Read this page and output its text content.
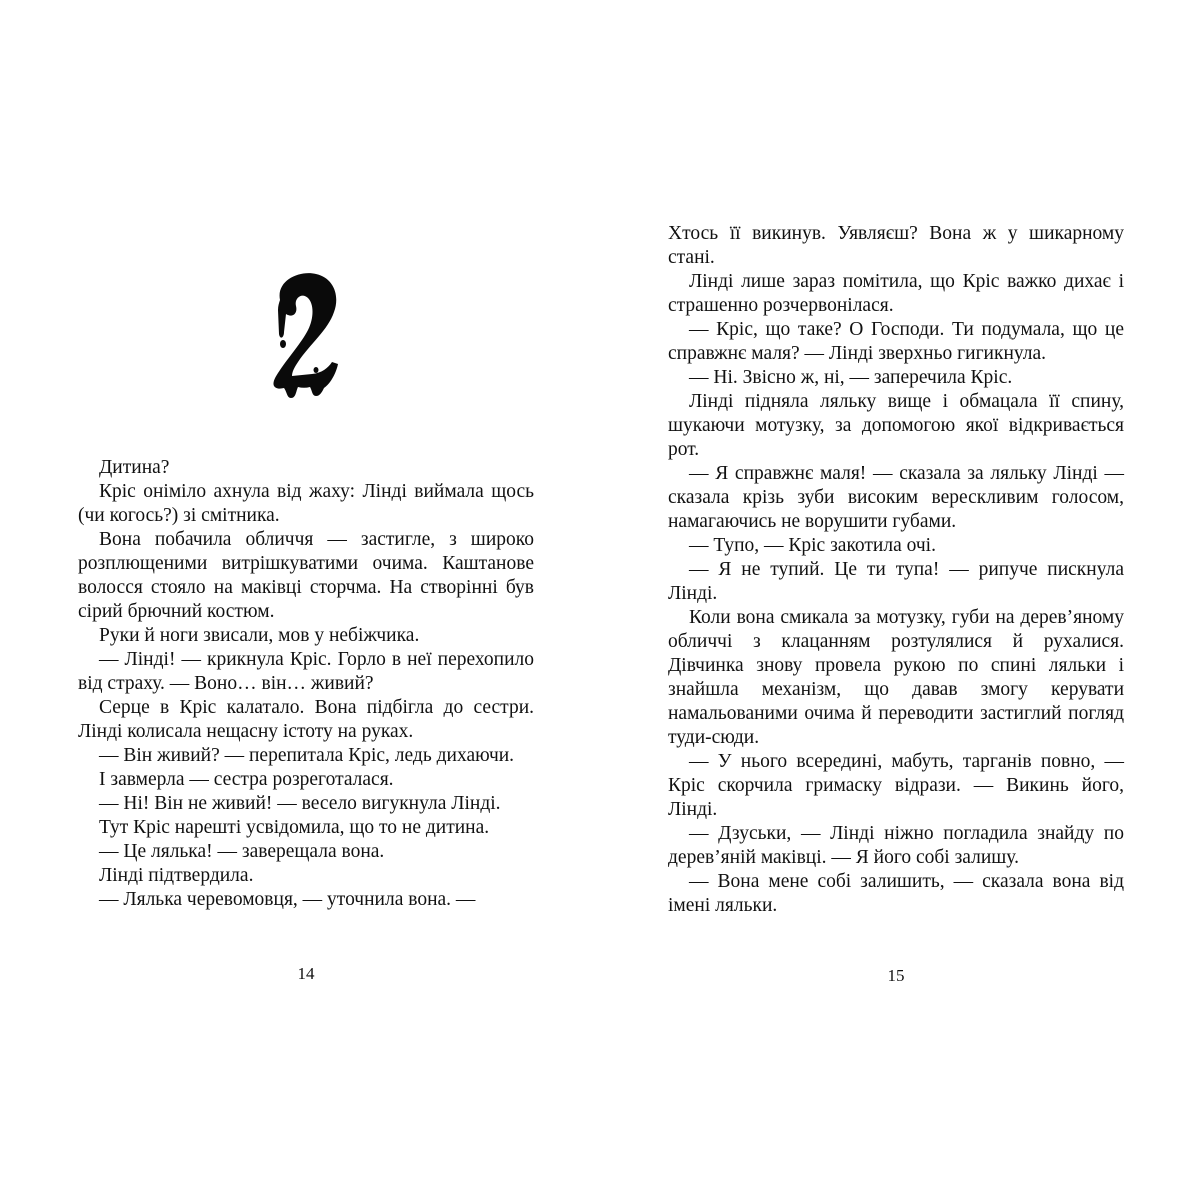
Дитина?

Кріс оніміло ахнула від жаху: Лінді виймала щось (чи когось?) зі смітника.

Вона побачила обличчя — застигле, з широко розплющеними витрішкуватими очима. Каштанове волосся стояло на маківці сторчма. На створінні був сірий брючний костюм.

Руки й ноги звисали, мов у небіжчика.

— Лінді! — крикнула Кріс. Горло в неї перехопило від страху. — Воно… він… живий?

Серце в Кріс калатало. Вона підбігла до сестри. Лінді колисала нещасну істоту на руках.

— Він живий? — перепитала Кріс, ледь дихаючи.

І завмерла — сестра розреготалася.

— Ні! Він не живий! — весело вигукнула Лінді.

Тут Кріс нарешті усвідомила, що то не дитина.

— Це лялька! — заверещала вона.

Лінді підтвердила.

— Лялька черевомовця, — уточнила вона. —

14

Хтось її викинув. Уявляєш? Вона ж у шикарному стані.

Лінді лише зараз помітила, що Кріс важко дихає і страшенно розчервонілася.

— Кріс, що таке? О Господи. Ти подумала, що це справжнє маля? — Лінді зверхньо гигикнула.

— Ні. Звісно ж, ні, — заперечила Кріс.

Лінді підняла ляльку вище і обмацала її спину, шукаючи мотузку, за допомогою якої відкривається рот.

— Я справжнє маля! — сказала за ляльку Лінді — сказала крізь зуби високим верескливим голосом, намагаючись не ворушити губами.

— Тупо, — Кріс закотила очі.

— Я не тупий. Це ти тупа! — рипуче пискнула Лінді.

Коли вона смикала за мотузку, губи на дерев’яному обличчі з клацанням розтулялися й рухалися. Дівчинка знову провела рукою по спині ляльки і знайшла механізм, що давав змогу керувати намальованими очима й переводити застиглий погляд туди-сюди.

— У нього всередині, мабуть, тарганів повно, — Кріс скорчила гримаску відрази. — Викинь його, Лінді.

— Дзуськи, — Лінді ніжно погладила знайду по дерев’яній маківці. — Я його собі залишу.

— Вона мене собі залишить, — сказала вона від імені ляльки.

15
